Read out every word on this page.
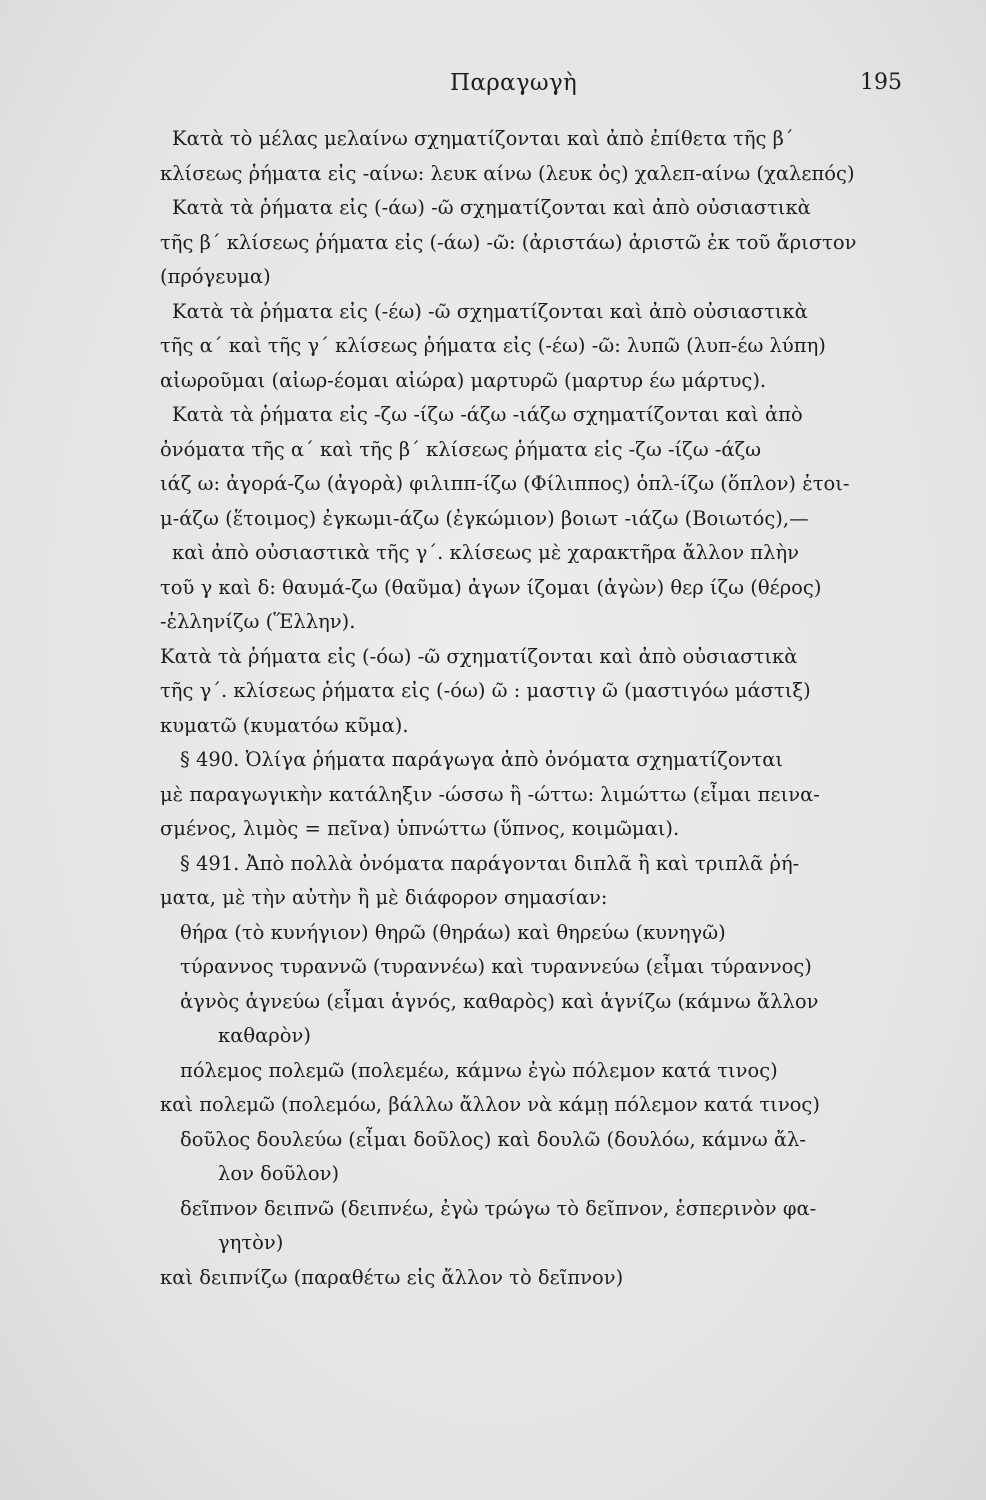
Παραγωγὴ	195
Κατὰ τὸ μέλας μελαίνω σχηματίζονται καὶ ἀπὸ ἐπίθετα τῆς β΄
κλίσεως ῥήματα εἰς -αίνω: λευκ αίνω (λευκ ὀς) χαλεπ-αίνω (χαλεπός)
Κατὰ τὰ ῥήματα εἰς (-άω) -ῶ σχηματίζονται καὶ ἀπὸ οὐσιαστικὰ
τῆς β΄ κλίσεως ῥήματα εἰς (-άω) -ῶ: (ἀριστάω) ἀριστῶ ἐκ τοῦ ἄριστον
(πρόγευμα)
Κατὰ τὰ ῥήματα εἰς (-έω) -ῶ σχηματίζονται καὶ ἀπὸ οὐσιαστικὰ
τῆς α΄ καὶ τῆς γ΄ κλίσεως ῥήματα εἰς (-έω) -ῶ: λυπῶ (λυπ-έω λύπη)
αἰωροῦμαι (αἰωρ-έομαι αἰώρα) μαρτυρῶ (μαρτυρ έω μάρτυς).
Κατὰ τὰ ῥήματα εἰς -ζω -ίζω -άζω -ιάζω σχηματίζονται καὶ ἀπὸ
ὀνόματα τῆς α΄ καὶ τῆς β΄ κλίσεως ῥήματα εἰς -ζω -ίζω -άζω
ιάζ ω: ἀγορά-ζω (ἀγορὰ) φιλιππ-ίζω (Φίλιππος) ὁπλ-ίζω (ὅπλον) ἑτοι-
μ-άζω (ἕτοιμος) ἐγκωμι-άζω (ἐγκώμιον) βοιωτ -ιάζω (Βοιωτός),—
καὶ ἀπὸ οὐσιαστικὰ τῆς γ΄. κλίσεως μὲ χαρακτῆρα ἄλλον πλὴν
τοῦ γ καὶ δ: θαυμά-ζω (θαῦμα) ἀγων ίζομαι (ἀγὼν) θερ ίζω (θέρος)
-ἑλληνίζω (Ἕλλην).
Κατὰ τὰ ῥήματα εἰς (-όω) -ῶ σχηματίζονται καὶ ἀπὸ οὐσιαστικὰ
τῆς γ΄. κλίσεως ῥήματα εἰς (-όω) ῶ : μαστιγ ῶ (μαστιγόω μάστιξ)
κυματῶ (κυματόω κῦμα).
§ 490. Ὀλίγα ῥήματα παράγωγα ἀπὸ ὀνόματα σχηματίζονται
μὲ παραγωγικὴν κατάληξιν -ώσσω ἢ -ώττω: λιμώττω (εἶμαι πεινα-
σμένος, λιμὸς = πεῖνα) ὑπνώττω (ὕπνος, κοιμῶμαι).
§ 491. Ἀπὸ πολλὰ ὀνόματα παράγονται διπλᾶ ἢ καὶ τριπλᾶ ῥή-
ματα, μὲ τὴν αὐτὴν ἢ μὲ διάφορον σημασίαν:
θήρα (τὸ κυνήγιον) θηρῶ (θηράω) καὶ θηρεύω (κυνηγῶ)
τύραννος τυραννῶ (τυραννέω) καὶ τυραννεύω (εἶμαι τύραννος)
ἁγνὸς ἁγνεύω (εἶμαι ἁγνός, καθαρὸς) καὶ ἁγνίζω (κάμνω ἄλλον
καθαρὸν)
πόλεμος πολεμῶ (πολεμέω, κάμνω ἐγὼ πόλεμον κατά τινος)
καὶ πολεμῶ (πολεμόω, βάλλω ἄλλον νὰ κάμῃ πόλεμον κατά τινος)
δοῦλος δουλεύω (εἶμαι δοῦλος) καὶ δουλῶ (δουλόω, κάμνω ἄλ-
λον δοῦλον)
δεῖπνον δειπνῶ (δειπνέω, ἐγὼ τρώγω τὸ δεῖπνον, ἑσπερινὸν φα-
γητὸν)
καὶ δειπνίζω (παραθέτω εἰς ἄλλον τὸ δεῖπνον)
